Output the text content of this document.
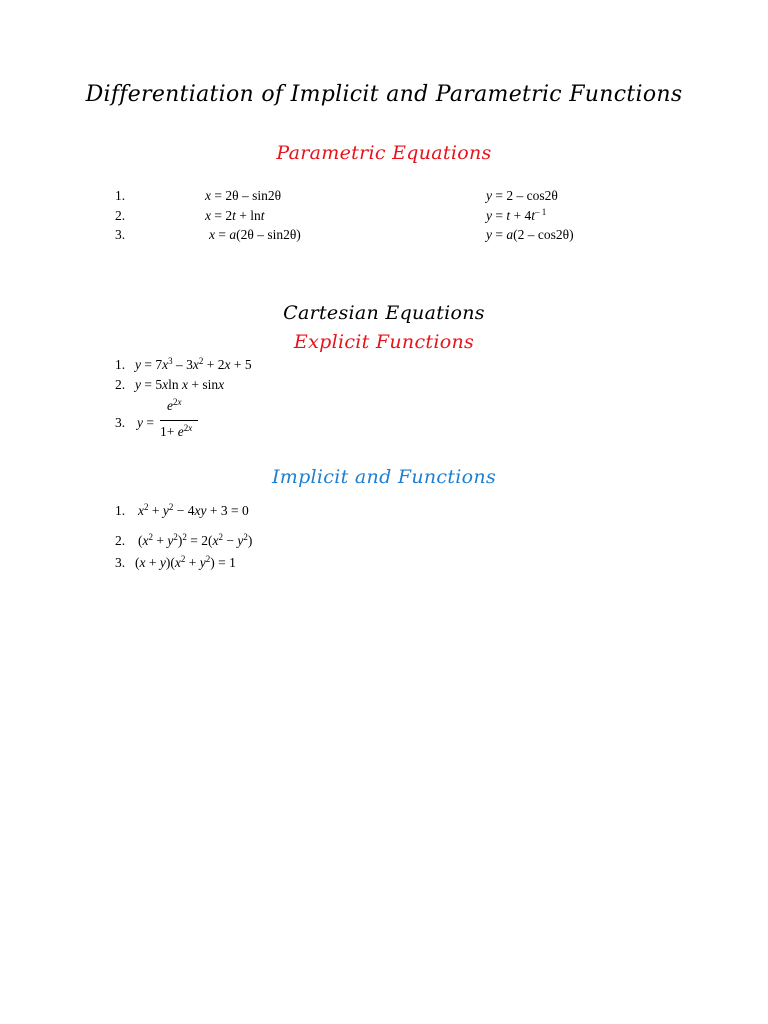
Differentiation of Implicit and Parametric Functions
Parametric Equations
1.	x = 2θ – sin2θ	y = 2 – cos2θ
2.	x = 2t + lnt	$y = t + 4t^{- 1}$
3.	x = a(2θ – sin2θ)	y = a(2 – cos2θ)
Cartesian Equations
Explicit Functions
1. $y = 7x^3 - 3x^2 + 2x + 5$
2. y = 5xln x + sinx
3. y =
$e^{2x}$
$1+ e^{2x}$
Implicit and Functions
1. $x^2 + y^2 - 4xy + 3 = 0$
2. $(x^2 + y^2)^2 = 2(x^2 - y^2)$
3. $(x + y)(x^2 + y^2) = 1$
